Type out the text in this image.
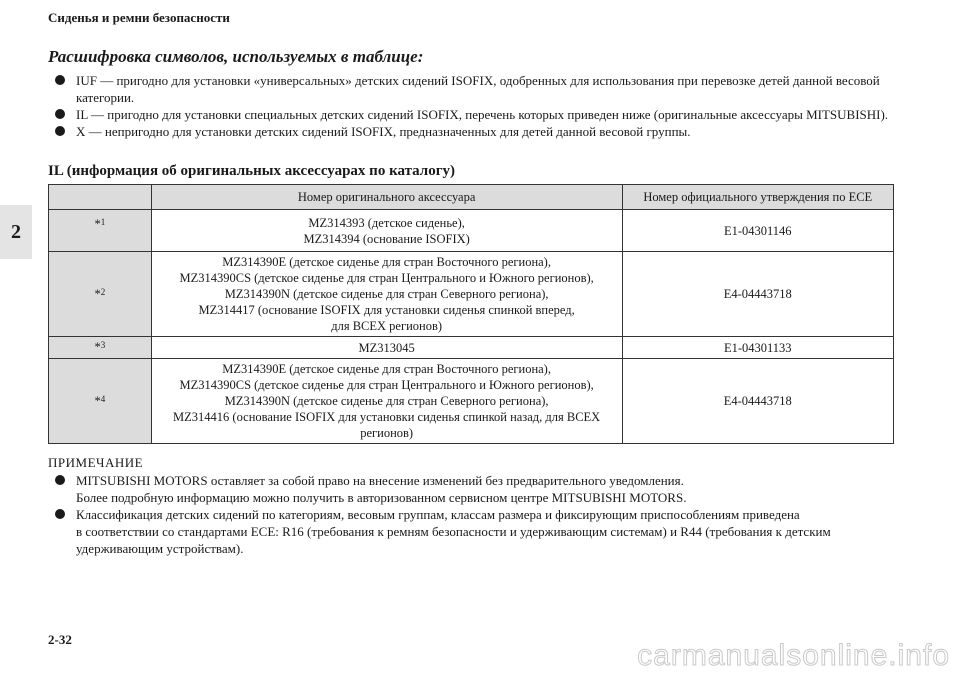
Сиденья и ремни безопасности
2
Расшифровка символов, используемых в таблице:
IUF — пригодно для установки «универсальных» детских сидений ISOFIX, одобренных для использования при перевозке детей данной весовой категории.
IL — пригодно для установки специальных детских сидений ISOFIX, перечень которых приведен ниже (оригинальные аксессуары MITSUBISHI).
X — непригодно для установки детских сидений ISOFIX, предназначенных для детей данной весовой группы.
IL (информация об оригинальных аксессуарах по каталогу)
	Номер оригинального аксессуара	Номер официального утверждения по ECE
*$^1$	MZ314393 (детское сиденье),
MZ314394 (основание ISOFIX)	E1-04301146
*$^2$	MZ314390E (детское сиденье для стран Восточного региона),
MZ314390CS (детское сиденье для стран Центрального и Южного регионов),
MZ314390N (детское сиденье для стран Северного региона),
MZ314417 (основание ISOFIX для установки сиденья спинкой вперед,
для ВСЕХ регионов)	E4-04443718
*$^3$	MZ313045	E1-04301133
*$^4$	MZ314390E (детское сиденье для стран Восточного региона),
MZ314390CS (детское сиденье для стран Центрального и Южного регионов),
MZ314390N (детское сиденье для стран Северного региона),
MZ314416 (основание ISOFIX для установки сиденья спинкой назад, для ВСЕХ
регионов)	E4-04443718
ПРИМЕЧАНИЕ
MITSUBISHI MOTORS оставляет за собой право на внесение изменений без предварительного уведомления.
Более подробную информацию можно получить в авторизованном сервисном центре MITSUBISHI MOTORS.
Классификация детских сидений по категориям, весовым группам, классам размера и фиксирующим приспособлениям приведена
в соответствии со стандартами ECE: R16 (требования к ремням безопасности и удерживающим системам) и R44 (требования к детским
удерживающим устройствам).
2-32	carmanualsonline.info
